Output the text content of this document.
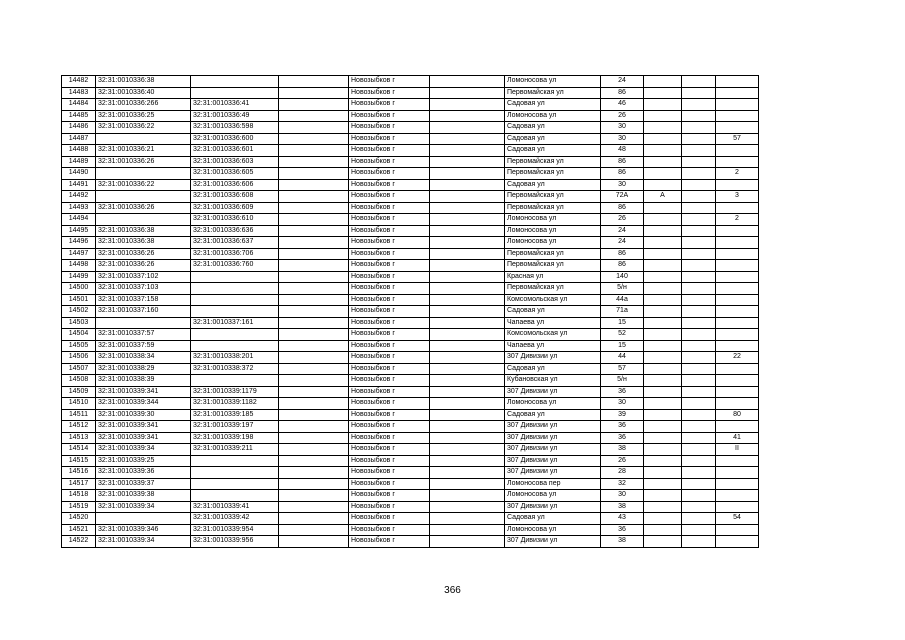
14482	32:31:0010336:38			Новозыбков г		Ломоносова ул	24			
14483	32:31:0010336:40			Новозыбков г		Первомайская ул	86			
14484	32:31:0010336:266	32:31:0010336:41		Новозыбков г		Садовая ул	46			
14485	32:31:0010336:25	32:31:0010336:49		Новозыбков г		Ломоносова ул	26			
14486	32:31:0010336:22	32:31:0010336:598		Новозыбков г		Садовая ул	30			
14487		32:31:0010336:600		Новозыбков г		Садовая ул	30			57
14488	32:31:0010336:21	32:31:0010336:601		Новозыбков г		Садовая ул	48			
14489	32:31:0010336:26	32:31:0010336:603		Новозыбков г		Первомайская ул	86			
14490		32:31:0010336:605		Новозыбков г		Первомайская ул	86			2
14491	32:31:0010336:22	32:31:0010336:606		Новозыбков г		Садовая ул	30			
14492		32:31:0010336:608		Новозыбков г		Первомайская ул	72А	А		3
14493	32:31:0010336:26	32:31:0010336:609		Новозыбков г		Первомайская ул	86			
14494		32:31:0010336:610		Новозыбков г		Ломоносова ул	26			2
14495	32:31:0010336:38	32:31:0010336:636		Новозыбков г		Ломоносова ул	24			
14496	32:31:0010336:38	32:31:0010336:637		Новозыбков г		Ломоносова ул	24			
14497	32:31:0010336:26	32:31:0010336:706		Новозыбков г		Первомайская ул	86			
14498	32:31:0010336:26	32:31:0010336:760		Новозыбков г		Первомайская ул	86			
14499	32:31:0010337:102			Новозыбков г		Красная ул	140			
14500	32:31:0010337:103			Новозыбков г		Первомайская ул	5/н			
14501	32:31:0010337:158			Новозыбков г		Комсомольская ул	44а			
14502	32:31:0010337:160			Новозыбков г		Садовая ул	71а			
14503		32:31:0010337:161		Новозыбков г		Чапаева ул	15			
14504	32:31:0010337:57			Новозыбков г		Комсомольская ул	52			
14505	32:31:0010337:59			Новозыбков г		Чапаева ул	15			
14506	32:31:0010338:34	32:31:0010338:201		Новозыбков г		307 Дивизии ул	44			22
14507	32:31:0010338:29	32:31:0010338:372		Новозыбков г		Садовая ул	57			
14508	32:31:0010338:39			Новозыбков г		Кубановская ул	5/н			
14509	32:31:0010339:341	32:31:0010339:1179		Новозыбков г		307 Дивизии ул	36			
14510	32:31:0010339:344	32:31:0010339:1182		Новозыбков г		Ломоносова ул	30			
14511	32:31:0010339:30	32:31:0010339:185		Новозыбков г		Садовая ул	39			80
14512	32:31:0010339:341	32:31:0010339:197		Новозыбков г		307 Дивизии ул	36			
14513	32:31:0010339:341	32:31:0010339:198		Новозыбков г		307 Дивизии ул	36			41
14514	32:31:0010339:34	32:31:0010339:211		Новозыбков г		307 Дивизии ул	38			II
14515	32:31:0010339:25			Новозыбков г		307 Дивизии ул	26			
14516	32:31:0010339:36			Новозыбков г		307 Дивизии ул	28			
14517	32:31:0010339:37			Новозыбков г		Ломоносова пер	32			
14518	32:31:0010339:38			Новозыбков г		Ломоносова ул	30			
14519	32:31:0010339:34	32:31:0010339:41		Новозыбков г		307 Дивизии ул	38			
14520		32:31:0010339:42		Новозыбков г		Садовая ул	43			54
14521	32:31:0010339:346	32:31:0010339:954		Новозыбков г		Ломоносова ул	36			
14522	32:31:0010339:34	32:31:0010339:956		Новозыбков г		307 Дивизии ул	38			
366
